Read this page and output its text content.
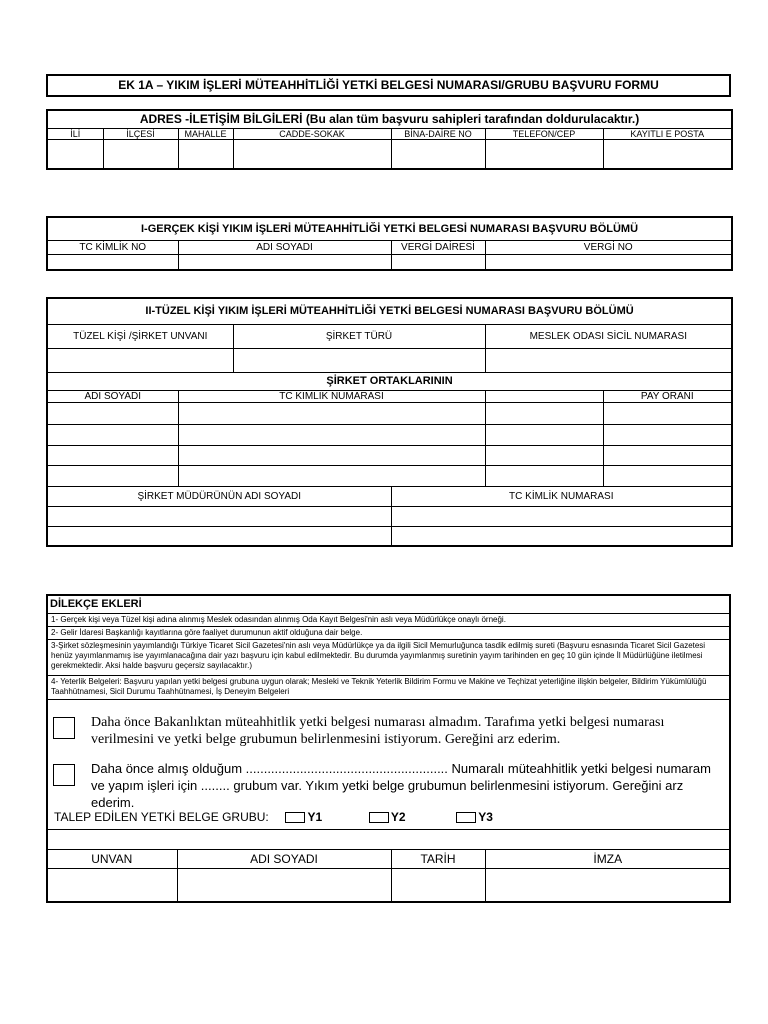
EK 1A – YIKIM İŞLERİ MÜTEAHHİTLİĞİ YETKİ BELGESİ NUMARASI/GRUBU BAŞVURU FORMU
ADRES -İLETİŞİM BİLGİLERİ (Bu alan tüm başvuru sahipleri tarafından doldurulacaktır.)						
İLİ	İLÇESİ	MAHALLE	CADDE-SOKAK	BİNA-DAİRE NO	TELEFON/CEP	KAYITLI E POSTA

I-GERÇEK KİŞİ YIKIM İŞLERİ MÜTEAHHİTLİĞİ YETKİ BELGESİ NUMARASI BAŞVURU BÖLÜMÜ			
TC KİMLİK NO	ADI SOYADI	VERGİ DAİRESİ	VERGİ NO

II-TÜZEL KİŞİ YIKIM İŞLERİ MÜTEAHHİTLİĞİ YETKİ BELGESİ NUMARASI BAŞVURU BÖLÜMÜ					
TÜZEL KİŞİ /ŞİRKET UNVANI		ŞİRKET TÜRÜ		MESLEK ODASI SİCİL NUMARASI	

ŞİRKET ORTAKLARININ					
ADI SOYADI	TC KİMLİK NUMARASI				PAY ORANI

ŞİRKET MÜDÜRÜNÜN ADI SOYADI			TC KİMLİK NUMARASI		

DİLEKÇE EKLERİ
1- Gerçek kişi veya Tüzel kişi adına alınmış Meslek odasından alınmış Oda Kayıt Belgesi'nin aslı veya Müdürlükçe onaylı örneği.
2- Gelir İdaresi Başkanlığı kayıtlarına göre faaliyet durumunun aktif olduğuna dair belge.
3-Şirket sözleşmesinin yayımlandığı Türkiye Ticaret Sicil Gazetesi'nin aslı veya Müdürlükçe ya da ilgili Sicil Memurluğunca tasdik edilmiş sureti (Başvuru esnasında Ticaret Sicil Gazetesi henüz yayımlanmamış ise yayımlanacağına dair yazı başvuru için kabul edilmektedir. Bu durumda yayımlanmış suretinin yayım tarihinden en geç 10 gün içinde İl Müdürlüğüne iletilmesi gerekmektedir. Aksi halde başvuru geçersiz sayılacaktır.)
4- Yeterlik Belgeleri: Başvuru yapılan yetki belgesi grubuna uygun olarak; Mesleki ve Teknik Yeterlik Bildirim Formu ve Makine ve Teçhizat yeterliğine ilişkin belgeler, Bildirim Yükümlülüğü Taahhütnamesi, Sicil Durumu Taahhütnamesi, İş Deneyim Belgeleri
Daha önce Bakanlıktan müteahhitlik yetki belgesi numarası almadım. Tarafıma yetki belgesi numarası verilmesini ve yetki belge grubumun belirlenmesini istiyorum. Gereğini arz ederim.
Daha önce almış olduğum ........................................................ Numaralı müteahhitlik yetki belgesi numaram ve yapım işleri için ........ grubum var. Yıkım yetki belge grubumun belirlenmesini istiyorum. Gereğini arz ederim.
TALEP EDİLEN YETKİ BELGE GRUBU:	Y1	Y2	Y3

UNVAN	ADI SOYADI	TARİH	İMZA
